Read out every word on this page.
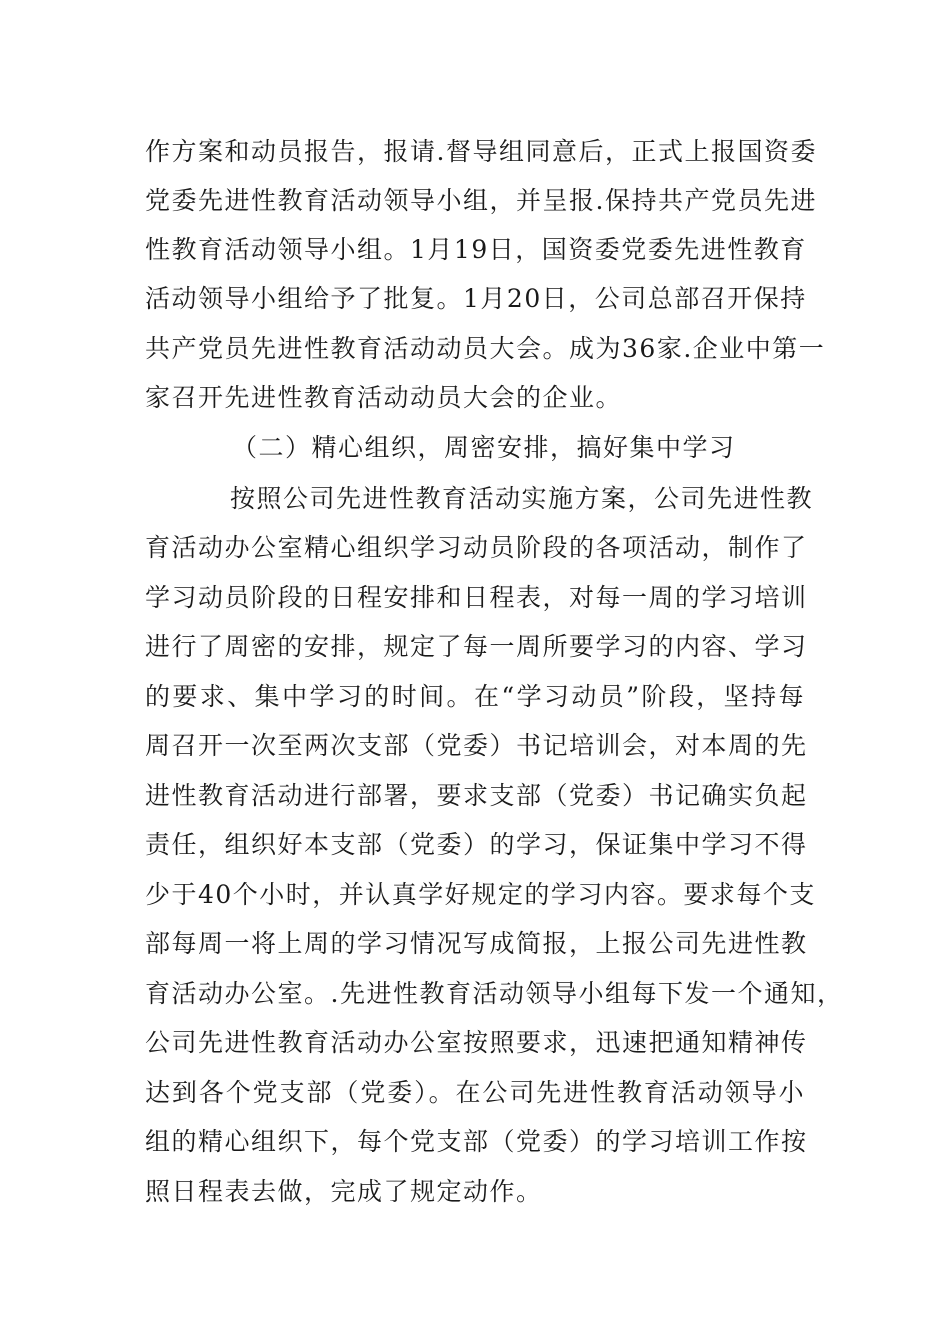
作方案和动员报告，报请.督导组同意后，正式上报国资委
党委先进性教育活动领导小组，并呈报.保持共产党员先进
性教育活动领导小组。1月19日，国资委党委先进性教育
活动领导小组给予了批复。1月20日，公司总部召开保持
共产党员先进性教育活动动员大会。成为36家.企业中第一
家召开先进性教育活动动员大会的企业。
（二）精心组织，周密安排，搞好集中学习
按照公司先进性教育活动实施方案，公司先进性教
育活动办公室精心组织学习动员阶段的各项活动，制作了
学习动员阶段的日程安排和日程表，对每一周的学习培训
进行了周密的安排，规定了每一周所要学习的内容、学习
的要求、集中学习的时间。在“学习动员”阶段，坚持每
周召开一次至两次支部（党委）书记培训会，对本周的先
进性教育活动进行部署，要求支部（党委）书记确实负起
责任，组织好本支部（党委）的学习，保证集中学习不得
少于40个小时，并认真学好规定的学习内容。要求每个支
部每周一将上周的学习情况写成简报，上报公司先进性教
育活动办公室。.先进性教育活动领导小组每下发一个通知，
公司先进性教育活动办公室按照要求，迅速把通知精神传
达到各个党支部（党委）。在公司先进性教育活动领导小
组的精心组织下，每个党支部（党委）的学习培训工作按
照日程表去做，完成了规定动作。
